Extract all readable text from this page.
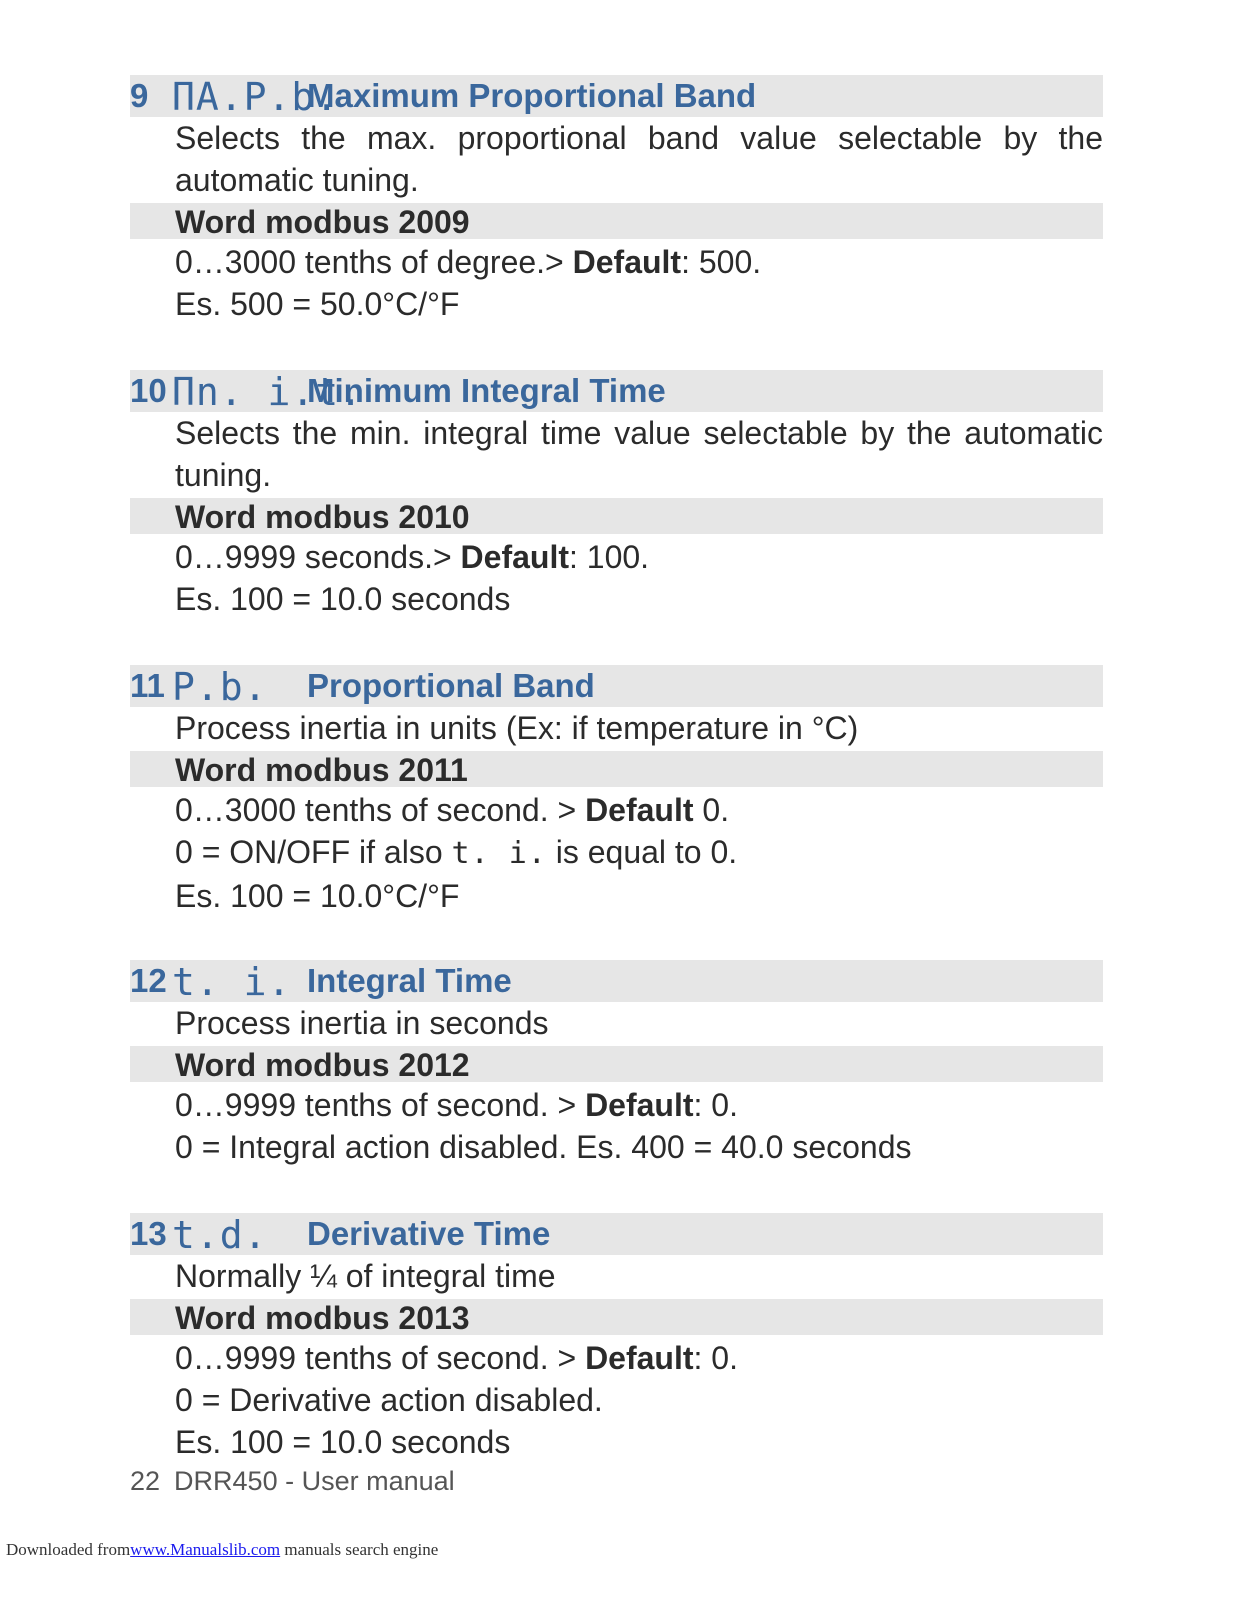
9 ПА.P.b.
Maximum Proportional Band
Selects the max. proportional band value selectable by the automatic tuning.
Word modbus 2009

0…3000 tenths of degree.> Default: 500.

Es. 500 = 50.0°C/°F

10 Пn. i.t.
Minimum Integral Time
Selects the min. integral time value selectable by the automatic tuning.
Word modbus 2010

0…9999 seconds.> Default: 100.

Es. 100 = 10.0 seconds

11 P.b. Proportional Band
Process inertia in units (Ex: if temperature in °C)
Word modbus 2011

0…3000 tenths of second. > Default 0.

0 = ON/OFF if also t. i. is equal to 0.

Es. 100 = 10.0°C/°F

12 t. i. Integral Time
Process inertia in seconds
Word modbus 2012

0…9999 tenths of second. > Default: 0.

0 = Integral action disabled. Es. 400 = 40.0 seconds

13 t.d. Derivative Time
Normally ¼ of integral time
Word modbus 2013

0…9999 tenths of second. > Default: 0.

0 = Derivative action disabled.

Es. 100 = 10.0 seconds

22 DRR450 - User manual
Downloaded fromwww.Manualslib.com manuals search engine
